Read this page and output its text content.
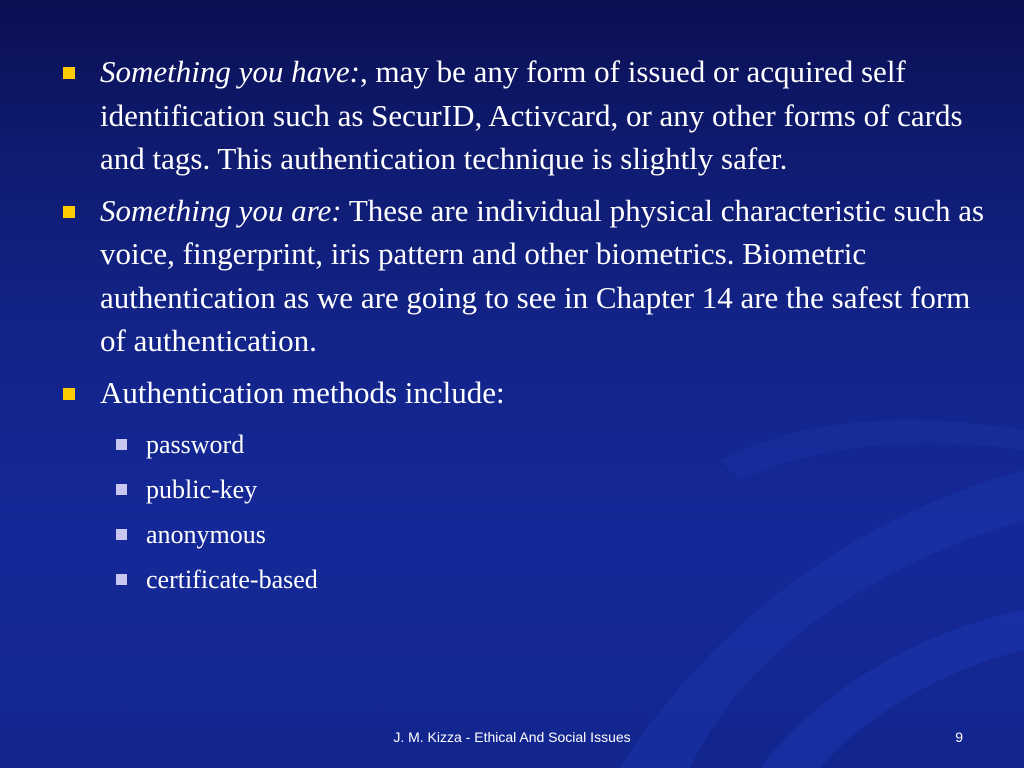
Something you have:, may be any form of issued or acquired self identification such as SecurID, Activcard, or any other forms of cards and tags. This authentication technique is slightly safer.
Something you are: These are individual physical characteristic such as voice, fingerprint, iris pattern and other biometrics. Biometric authentication as we are going to see in Chapter 14 are the safest form of authentication.
Authentication methods include:
password
public-key
anonymous
certificate-based
J. M. Kizza - Ethical And Social Issues	9
